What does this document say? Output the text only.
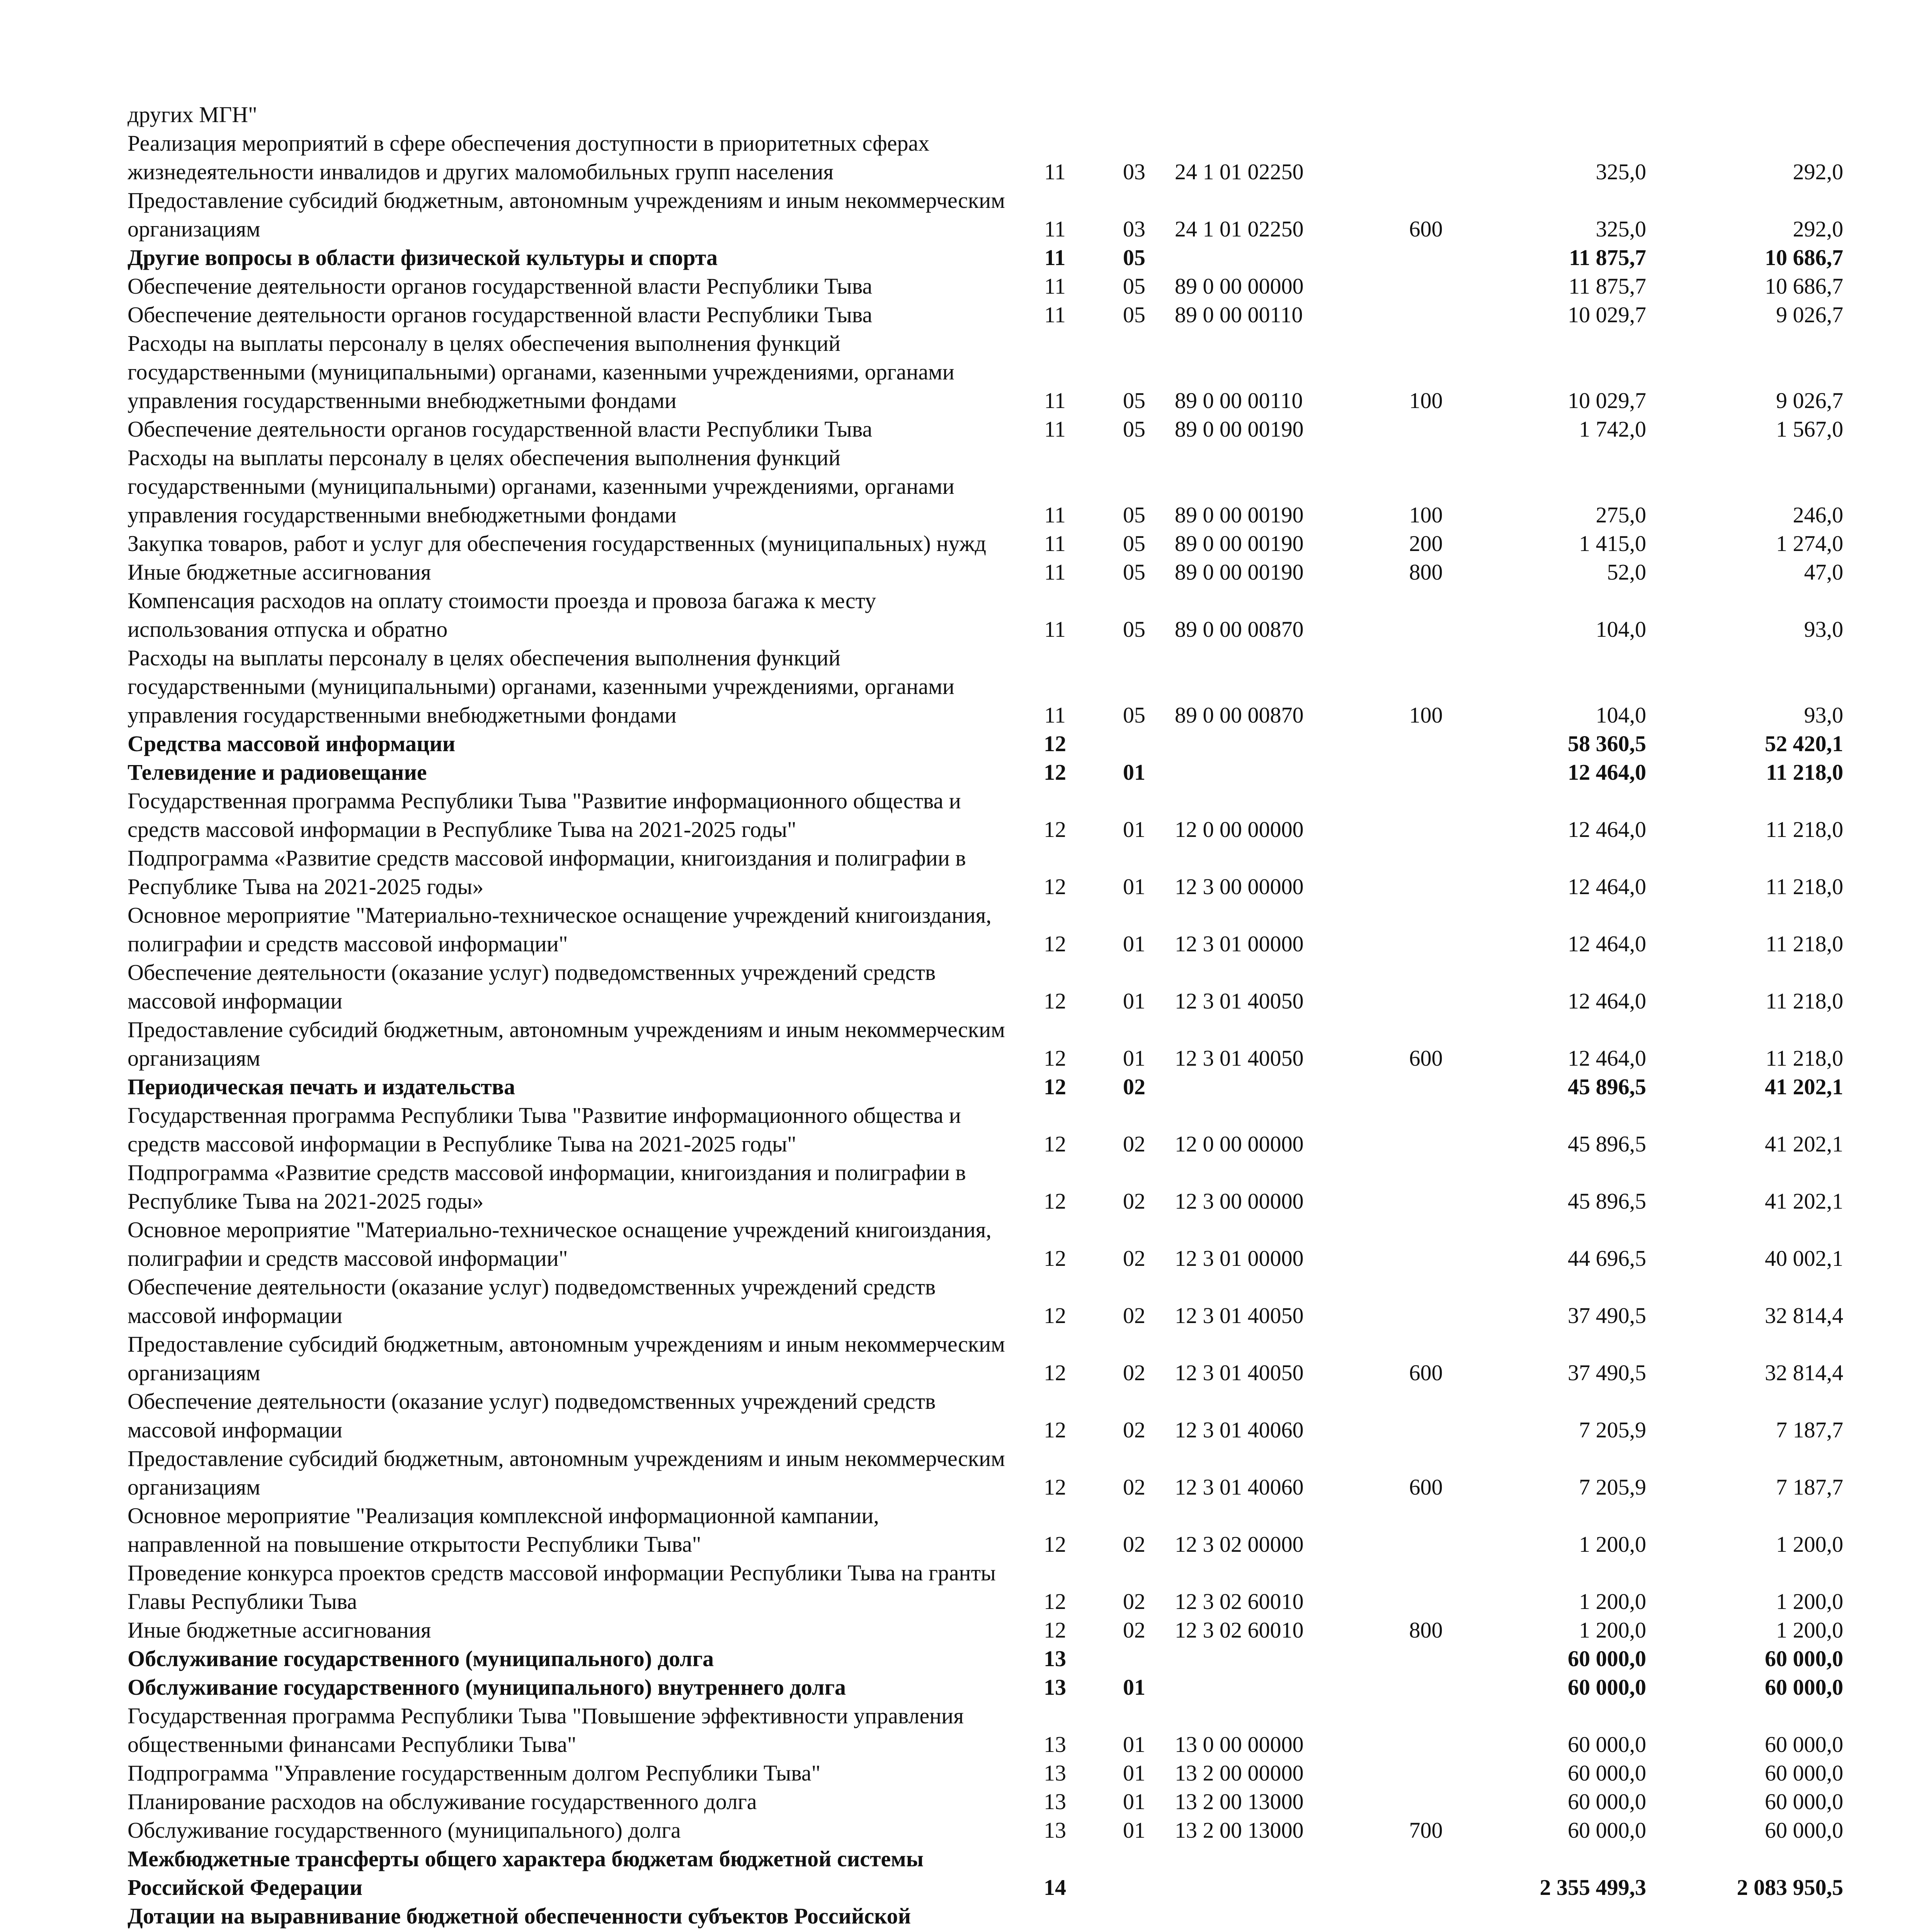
других МГН"						
Реализация мероприятий в сфере обеспечения доступности в приоритетных сферах жизнедеятельности инвалидов и других маломобильных групп населения	11	03	24 1 01 02250		325,0	292,0
Предоставление субсидий бюджетным, автономным учреждениям и иным некоммерческим организациям	11	03	24 1 01 02250	600	325,0	292,0
Другие вопросы в области физической культуры и спорта	11	05			11 875,7	10 686,7
Обеспечение деятельности органов государственной власти Республики Тыва	11	05	89 0 00 00000		11 875,7	10 686,7
Обеспечение деятельности органов государственной власти Республики Тыва	11	05	89 0 00 00110		10 029,7	9 026,7
Расходы на выплаты персоналу в целях обеспечения выполнения функций государственными (муниципальными) органами, казенными учреждениями, органами управления государственными внебюджетными фондами	11	05	89 0 00 00110	100	10 029,7	9 026,7
Обеспечение деятельности органов государственной власти Республики Тыва	11	05	89 0 00 00190		1 742,0	1 567,0
Расходы на выплаты персоналу в целях обеспечения выполнения функций государственными (муниципальными) органами, казенными учреждениями, органами управления государственными внебюджетными фондами	11	05	89 0 00 00190	100	275,0	246,0
Закупка товаров, работ и услуг для обеспечения государственных (муниципальных) нужд	11	05	89 0 00 00190	200	1 415,0	1 274,0
Иные бюджетные ассигнования	11	05	89 0 00 00190	800	52,0	47,0
Компенсация расходов на оплату стоимости проезда и провоза багажа к месту использования отпуска и обратно	11	05	89 0 00 00870		104,0	93,0
Расходы на выплаты персоналу в целях обеспечения выполнения функций государственными (муниципальными) органами, казенными учреждениями, органами управления государственными внебюджетными фондами	11	05	89 0 00 00870	100	104,0	93,0
Средства массовой информации	12				58 360,5	52 420,1
Телевидение и радиовещание	12	01			12 464,0	11 218,0
Государственная программа Республики Тыва "Развитие информационного общества и средств массовой информации в Республике Тыва на 2021-2025 годы"	12	01	12 0 00 00000		12 464,0	11 218,0
Подпрограмма «Развитие средств массовой информации, книгоиздания и полиграфии в Республике Тыва на 2021-2025 годы»	12	01	12 3 00 00000		12 464,0	11 218,0
Основное мероприятие "Материально-техническое оснащение учреждений книгоиздания, полиграфии и средств массовой информации"	12	01	12 3 01 00000		12 464,0	11 218,0
Обеспечение деятельности (оказание услуг) подведомственных учреждений средств массовой информации	12	01	12 3 01 40050		12 464,0	11 218,0
Предоставление субсидий бюджетным, автономным учреждениям и иным некоммерческим организациям	12	01	12 3 01 40050	600	12 464,0	11 218,0
Периодическая печать и издательства	12	02			45 896,5	41 202,1
Государственная программа Республики Тыва "Развитие информационного общества и средств массовой информации в Республике Тыва на 2021-2025 годы"	12	02	12 0 00 00000		45 896,5	41 202,1
Подпрограмма «Развитие средств массовой информации, книгоиздания и полиграфии в Республике Тыва на 2021-2025 годы»	12	02	12 3 00 00000		45 896,5	41 202,1
Основное мероприятие "Материально-техническое оснащение учреждений книгоиздания, полиграфии и средств массовой информации"	12	02	12 3 01 00000		44 696,5	40 002,1
Обеспечение деятельности (оказание услуг) подведомственных учреждений средств массовой информации	12	02	12 3 01 40050		37 490,5	32 814,4
Предоставление субсидий бюджетным, автономным учреждениям и иным некоммерческим организациям	12	02	12 3 01 40050	600	37 490,5	32 814,4
Обеспечение деятельности (оказание услуг) подведомственных учреждений средств массовой информации	12	02	12 3 01 40060		7 205,9	7 187,7
Предоставление субсидий бюджетным, автономным учреждениям и иным некоммерческим организациям	12	02	12 3 01 40060	600	7 205,9	7 187,7
Основное мероприятие "Реализация комплексной информационной кампании, направленной на повышение открытости Республики Тыва"	12	02	12 3 02 00000		1 200,0	1 200,0
Проведение конкурса проектов средств массовой информации Республики Тыва на гранты Главы Республики Тыва	12	02	12 3 02 60010		1 200,0	1 200,0
Иные бюджетные ассигнования	12	02	12 3 02 60010	800	1 200,0	1 200,0
Обслуживание государственного (муниципального) долга	13				60 000,0	60 000,0
Обслуживание государственного (муниципального) внутреннего долга	13	01			60 000,0	60 000,0
Государственная программа Республики Тыва "Повышение эффективности управления общественными финансами Республики Тыва"	13	01	13 0 00 00000		60 000,0	60 000,0
Подпрограмма "Управление государственным долгом Республики Тыва"	13	01	13 2 00 00000		60 000,0	60 000,0
Планирование расходов на обслуживание государственного долга	13	01	13 2 00 13000		60 000,0	60 000,0
Обслуживание государственного (муниципального) долга	13	01	13 2 00 13000	700	60 000,0	60 000,0
Межбюджетные трансферты общего характера бюджетам бюджетной системы Российской Федерации	14				2 355 499,3	2 083 950,5
Дотации на выравнивание бюджетной обеспеченности субъектов Российской						
